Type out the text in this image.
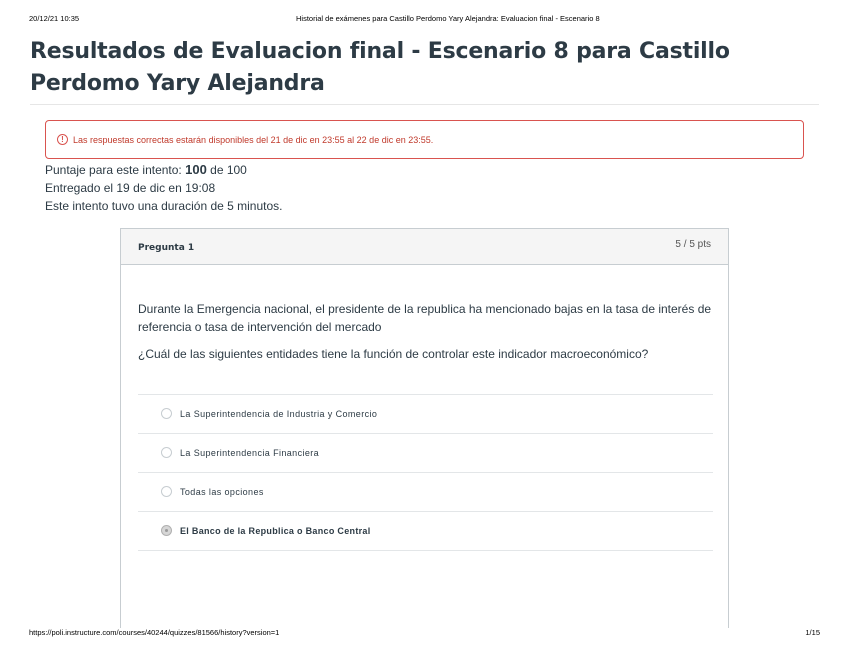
20/12/21 10:35	Historial de exámenes para Castillo Perdomo Yary Alejandra: Evaluacion final - Escenario 8
Resultados de Evaluacion final - Escenario 8 para Castillo Perdomo Yary Alejandra
!	Las respuestas correctas estarán disponibles del 21 de dic en 23:55 al 22 de dic en 23:55.
Puntaje para este intento: 100 de 100
Entregado el 19 de dic en 19:08
Este intento tuvo una duración de 5 minutos.
Pregunta 1	5 / 5 pts

Durante la Emergencia nacional, el presidente de la republica ha mencionado bajas en la tasa de interés de referencia o tasa de intervención del mercado

¿Cuál de las siguientes entidades tiene la función de controlar este indicador macroeconómico?

La Superintendencia de Industria y Comercio
La Superintendencia Financiera
Todas las opciones
El Banco de la Republica o Banco Central
https://poli.instructure.com/courses/40244/quizzes/81566/history?version=1	1/15
